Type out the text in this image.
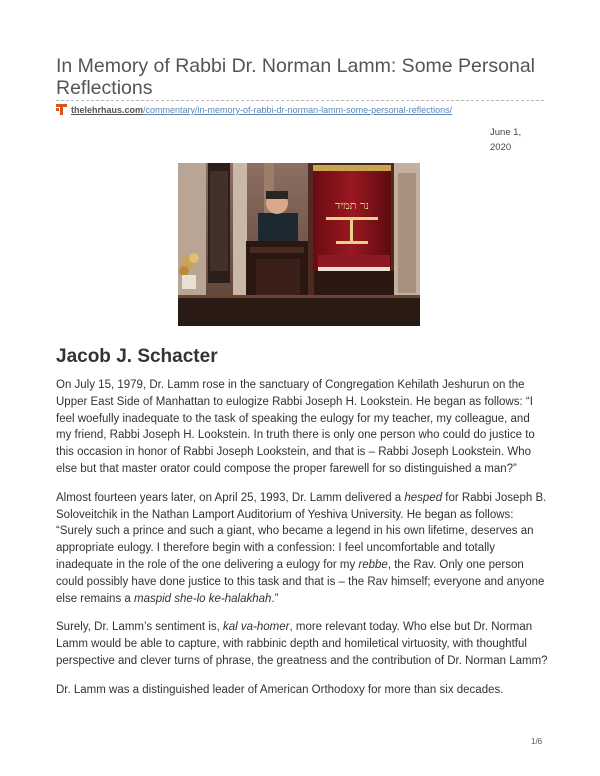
In Memory of Rabbi Dr. Norman Lamm: Some Personal Reflections
thelehrhaus.com/commentary/in-memory-of-rabbi-dr-norman-lamm-some-personal-reflections/
June 1,
2020
נר תמיד
Jacob J. Schacter

On July 15, 1979, Dr. Lamm rose in the sanctuary of Congregation Kehilath Jeshurun on the Upper East Side of Manhattan to eulogize Rabbi Joseph H. Lookstein. He began as follows: “I feel woefully inadequate to the task of speaking the eulogy for my teacher, my colleague, and my friend, Rabbi Joseph H. Lookstein. In truth there is only one person who could do justice to this occasion in honor of Rabbi Joseph Lookstein, and that is – Rabbi Joseph Lookstein. Who else but that master orator could compose the proper farewell for so distinguished a man?”

Almost fourteen years later, on April 25, 1993, Dr. Lamm delivered a hesped for Rabbi Joseph B. Soloveitchik in the Nathan Lamport Auditorium of Yeshiva University. He began as follows: “Surely such a prince and such a giant, who became a legend in his own lifetime, deserves an appropriate eulogy. I therefore begin with a confession: I feel uncomfortable and totally inadequate in the role of the one delivering a eulogy for my rebbe, the Rav. Only one person could possibly have done justice to this task and that is – the Rav himself; everyone and anyone else remains a maspid she-lo ke-halakhah.”

Surely, Dr. Lamm’s sentiment is, kal va-homer, more relevant today. Who else but Dr. Norman Lamm would be able to capture, with rabbinic depth and homiletical virtuosity, with thoughtful perspective and clever turns of phrase, the greatness and the contribution of Dr. Norman Lamm?

Dr. Lamm was a distinguished leader of American Orthodoxy for more than six decades.

1/6
